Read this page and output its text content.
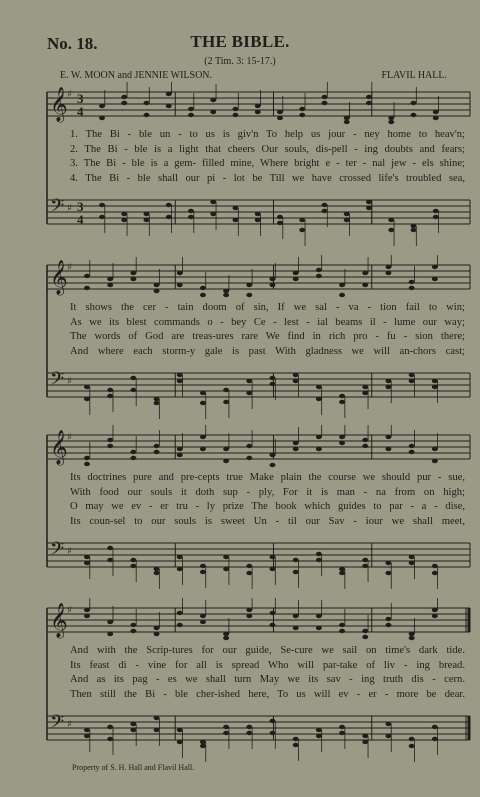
No. 18.	THE BIBLE.
(2 Tim. 3: 15-17.)
E. W. MOON and JENNIE WILSON.	FLAVIL HALL.
𝄞 ♯
𝄢 ♯
3
4
3
4
1. The Bi - ble un - to us is giv'n To help us jour - ney home to heav'n;
2. The Bi - ble is a light that cheers Our souls, dis-pell - ing doubts and fears;
3. The Bi - ble is a gem- filled mine, Where bright e - ter - nal jew - els shine;
4. The Bi - ble shall our pi - lot be Till we have crossed life's troubled sea,
𝄞 ♯
𝄢 ♯
It shows the cer - tain doom of sin, If we sal - va - tion fail to win;
As we its blest commands o - bey Ce - lest - ial beams il - lume our way;
The words of God are treas-ures rare We find in rich pro - fu - sion there;
And where each storm-y gale is past With gladness we will an-chors cast;
𝄞 ♯
𝄢 ♯
Its doctrines pure and pre-cepts true Make plain the course we should pur - sue,
With food our souls it doth sup - ply, For it is man - na from on high;
O may we ev - er tru - ly prize The book which guides to par - a - dise,
Its coun-sel to our souls is sweet Un - til our Sav - iour we shall meet,
𝄞 ♯
𝄢 ♯
And with the Scrip-tures for our guide, Se-cure we sail on time's dark tide.
Its feast di - vine for all is spread Who will par-take of liv - ing bread.
And as its pag - es we shall turn May we its sav - ing truth dis - cern.
Then still the Bi - ble cher-ished here, To us will ev - er - more be dear.
Property of S. H. Hall and Flavil Hall.
